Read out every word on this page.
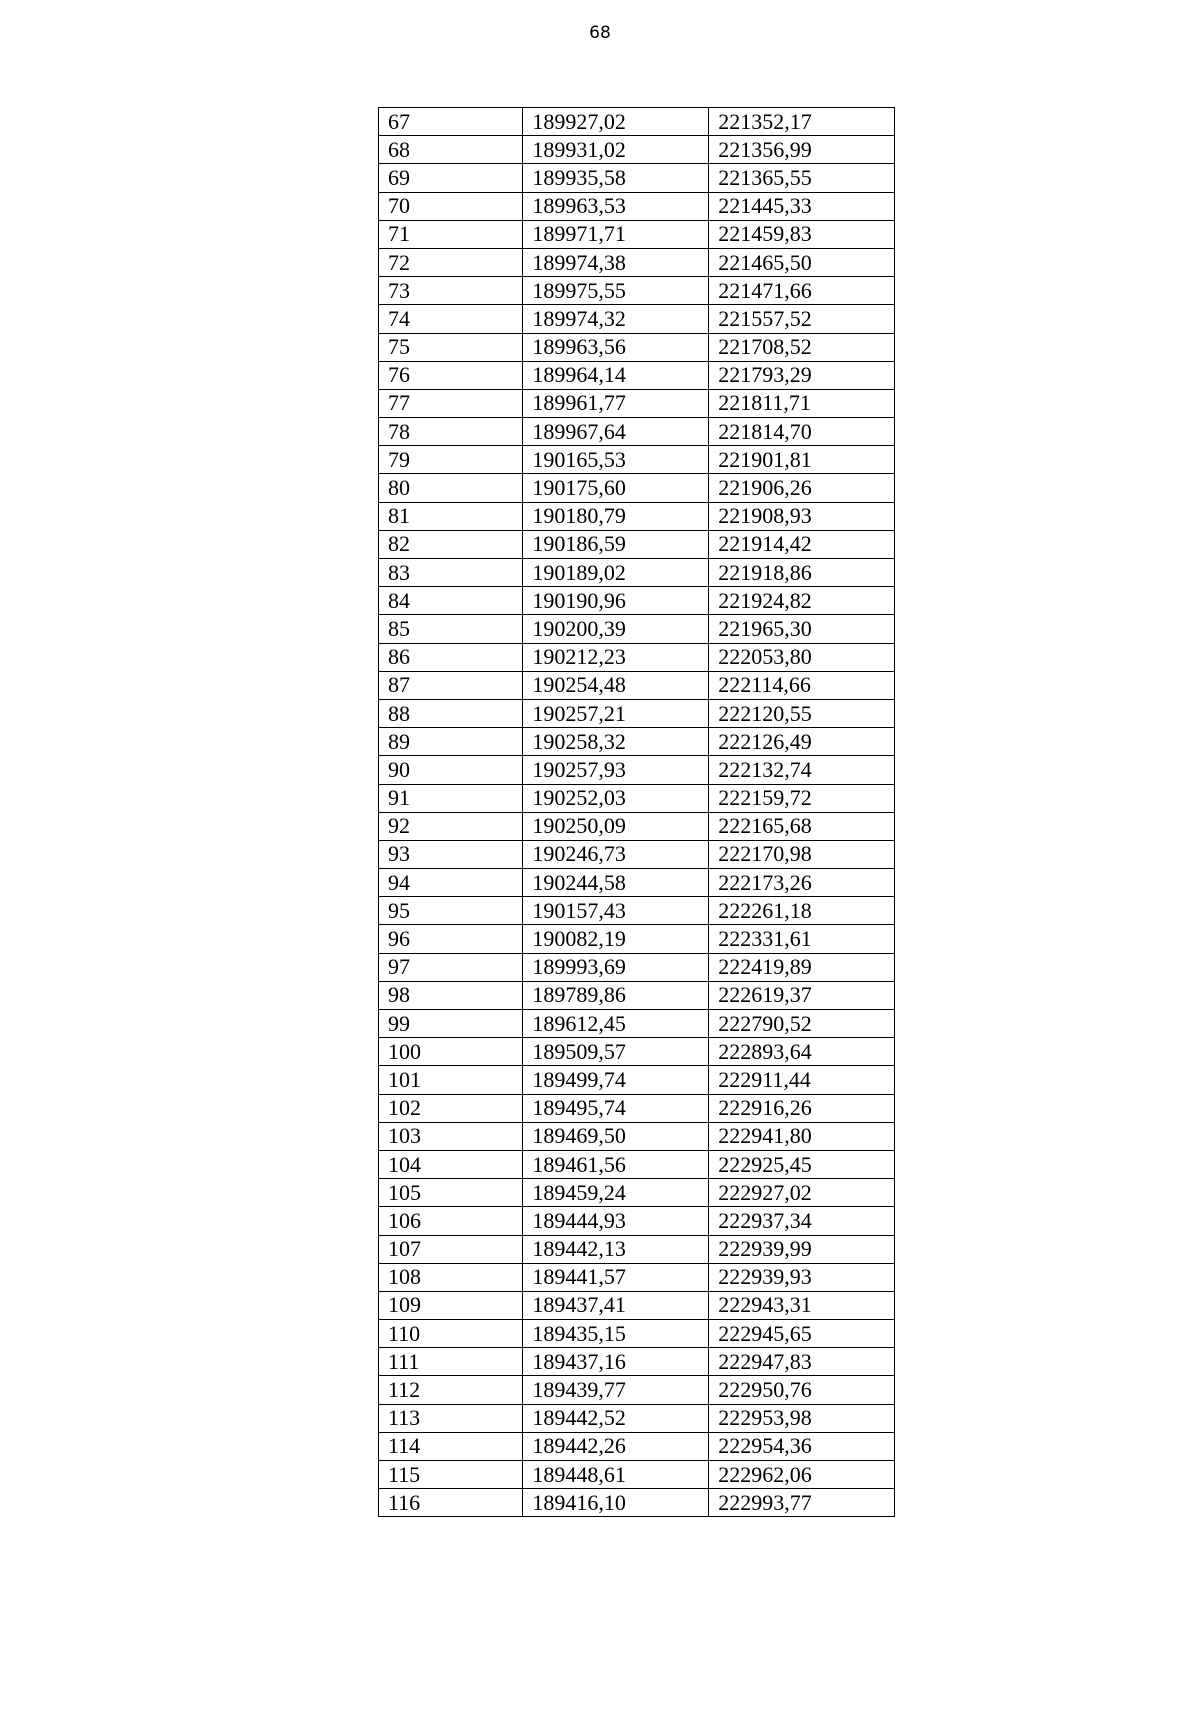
68
67	189927,02	221352,17
68	189931,02	221356,99
69	189935,58	221365,55
70	189963,53	221445,33
71	189971,71	221459,83
72	189974,38	221465,50
73	189975,55	221471,66
74	189974,32	221557,52
75	189963,56	221708,52
76	189964,14	221793,29
77	189961,77	221811,71
78	189967,64	221814,70
79	190165,53	221901,81
80	190175,60	221906,26
81	190180,79	221908,93
82	190186,59	221914,42
83	190189,02	221918,86
84	190190,96	221924,82
85	190200,39	221965,30
86	190212,23	222053,80
87	190254,48	222114,66
88	190257,21	222120,55
89	190258,32	222126,49
90	190257,93	222132,74
91	190252,03	222159,72
92	190250,09	222165,68
93	190246,73	222170,98
94	190244,58	222173,26
95	190157,43	222261,18
96	190082,19	222331,61
97	189993,69	222419,89
98	189789,86	222619,37
99	189612,45	222790,52
100	189509,57	222893,64
101	189499,74	222911,44
102	189495,74	222916,26
103	189469,50	222941,80
104	189461,56	222925,45
105	189459,24	222927,02
106	189444,93	222937,34
107	189442,13	222939,99
108	189441,57	222939,93
109	189437,41	222943,31
110	189435,15	222945,65
111	189437,16	222947,83
112	189439,77	222950,76
113	189442,52	222953,98
114	189442,26	222954,36
115	189448,61	222962,06
116	189416,10	222993,77
